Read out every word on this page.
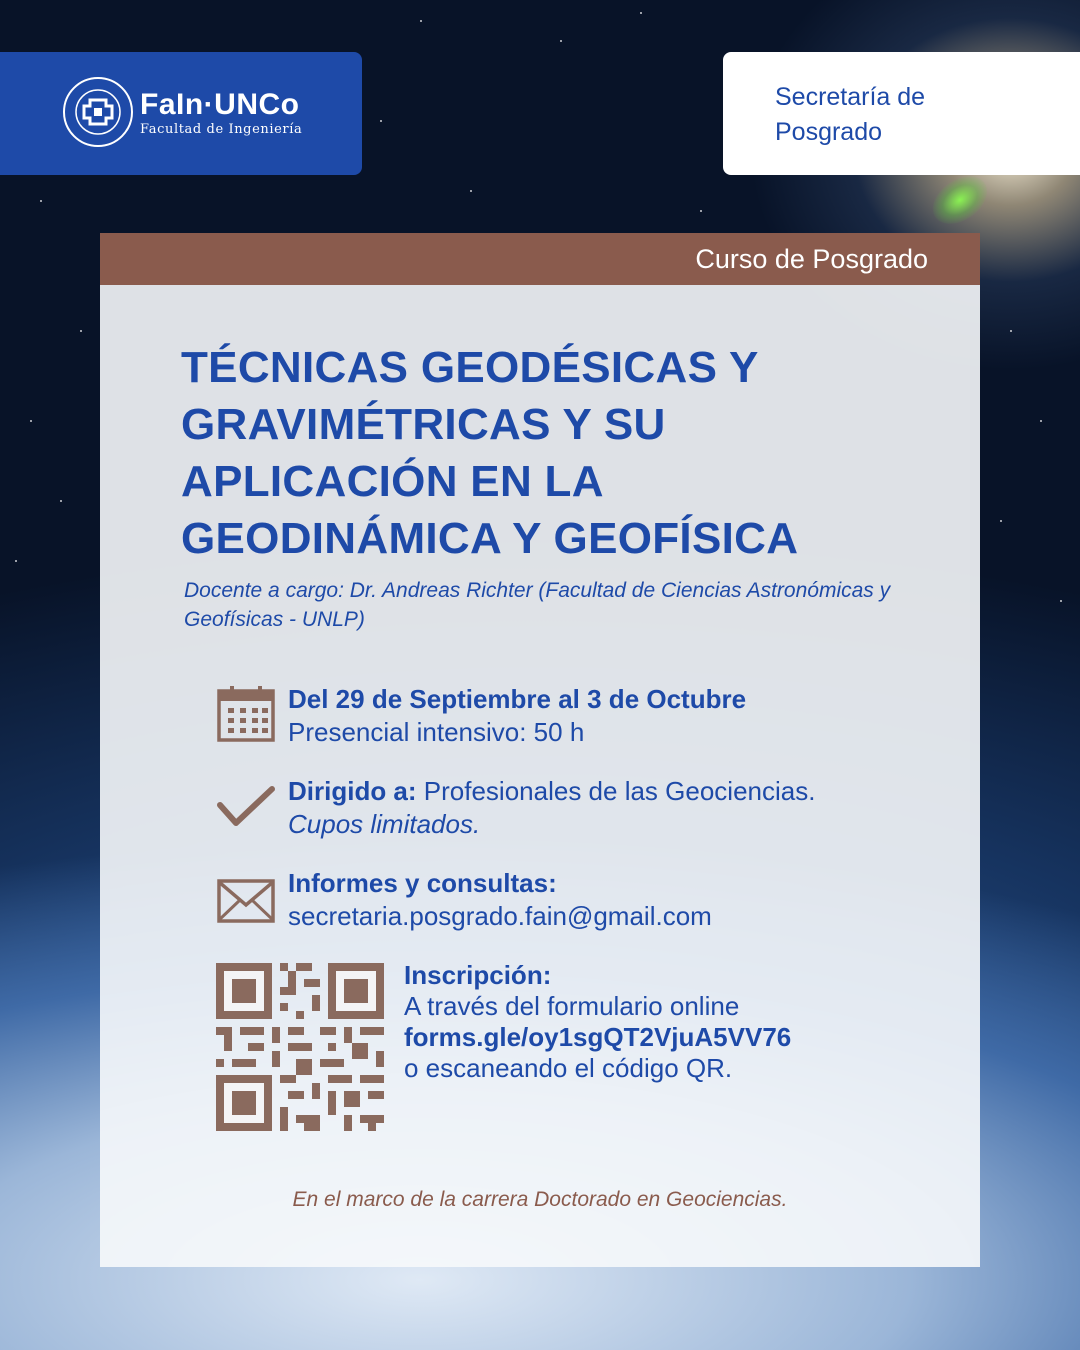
FaIn·UNCo
Facultad de Ingeniería
Secretaría de Posgrado
Curso de Posgrado
TÉCNICAS GEODÉSICAS Y GRAVIMÉTRICAS Y SU APLICACIÓN EN LA GEODINÁMICA Y GEOFÍSICA
Docente a cargo: Dr. Andreas Richter (Facultad de Ciencias Astronómicas y Geofísicas - UNLP)
Del 29 de Septiembre al 3 de Octubre
Presencial intensivo: 50 h
Dirigido a: Profesionales de las Geociencias.
Cupos limitados.
Informes y consultas:
secretaria.posgrado.fain@gmail.com
Inscripción:
A través del formulario online
forms.gle/oy1sgQT2VjuA5VV76
o escaneando el código QR.
En el marco de la carrera Doctorado en Geociencias.
